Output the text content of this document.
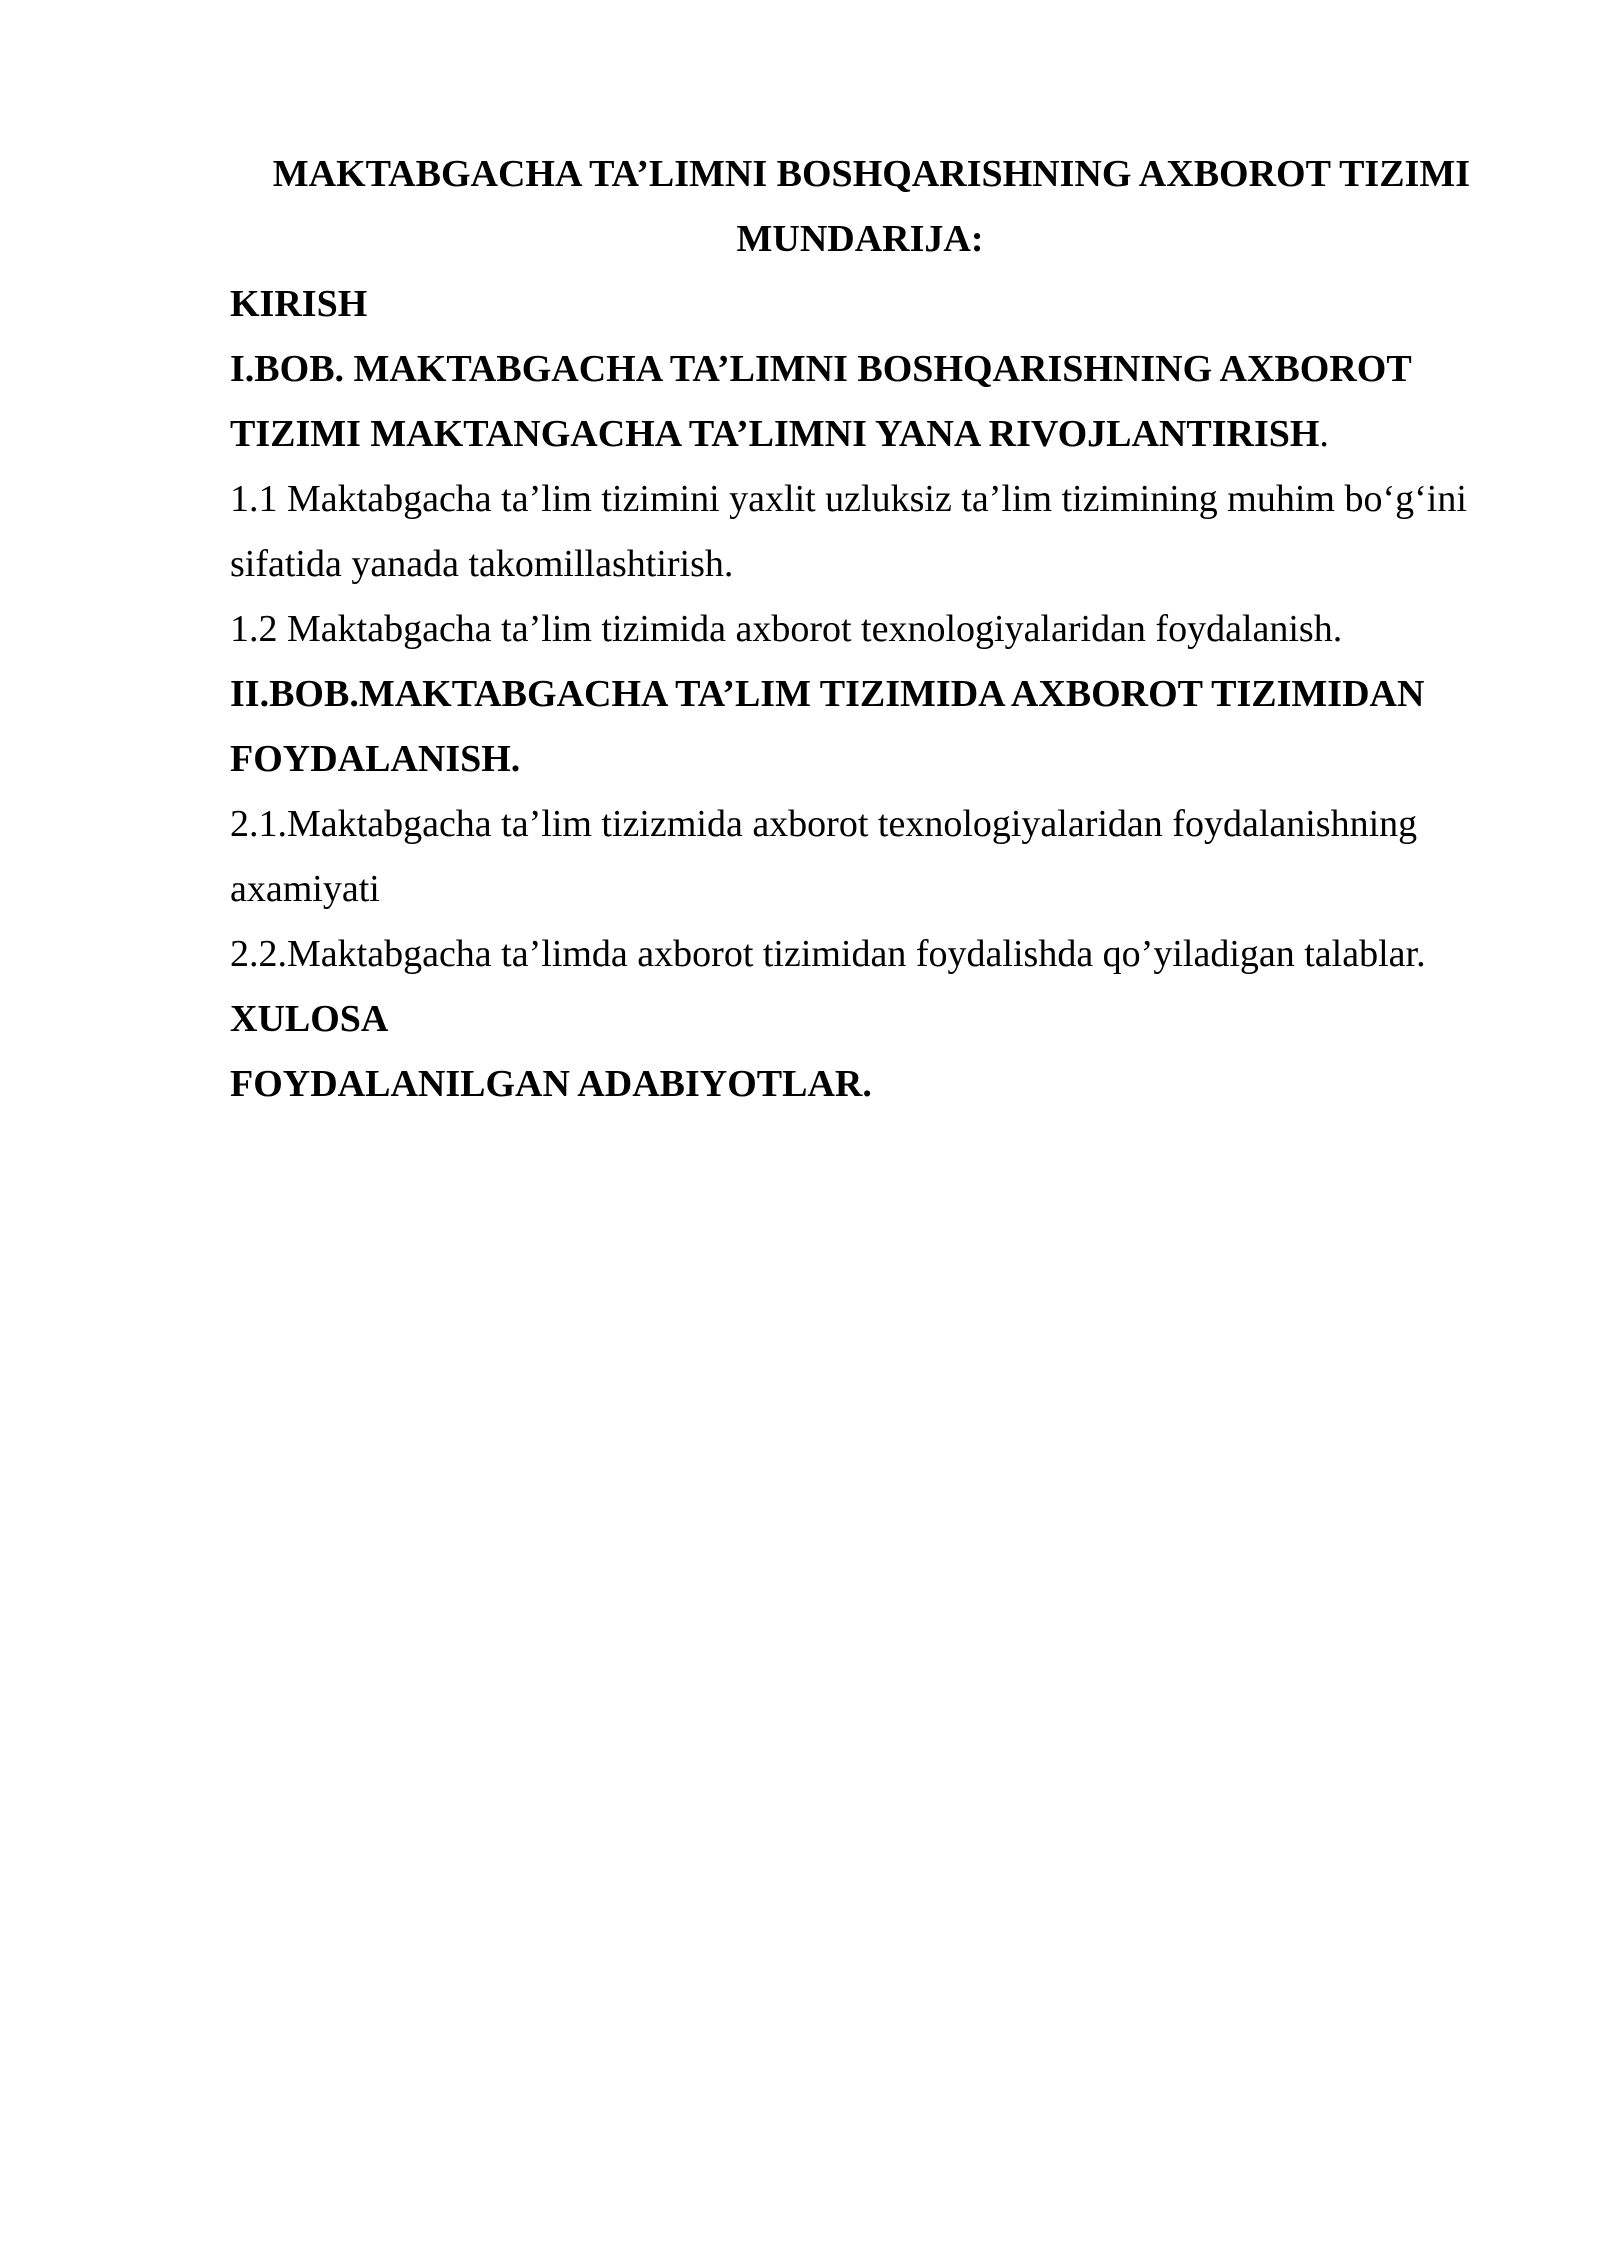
MAKTABGACHA TA’LIMNI BOSHQARISHNING AXBOROT TIZIMI

MUNDARIJA:

KIRISH

I.BOB. MAKTABGACHA TA’LIMNI BOSHQARISHNING AXBOROT

TIZIMI MAKTANGACHA TA’LIMNI YANA RIVOJLANTIRISH.

1.1 Maktabgacha ta’lim tizimini yaxlit uzluksiz ta’lim tizimining muhim bo‘g‘ini

sifatida yanada takomillashtirish.

1.2 Maktabgacha ta’lim tizimida axborot texnologiyalaridan foydalanish.

II.BOB.MAKTABGACHA TA’LIM TIZIMIDA AXBOROT TIZIMIDAN

FOYDALANISH.

2.1.Maktabgacha ta’lim tizizmida axborot texnologiyalaridan foydalanishning

axamiyati

2.2.Maktabgacha ta’limda axborot tizimidan foydalishda qo’yiladigan talablar.

XULOSA

FOYDALANILGAN ADABIYOTLAR.
